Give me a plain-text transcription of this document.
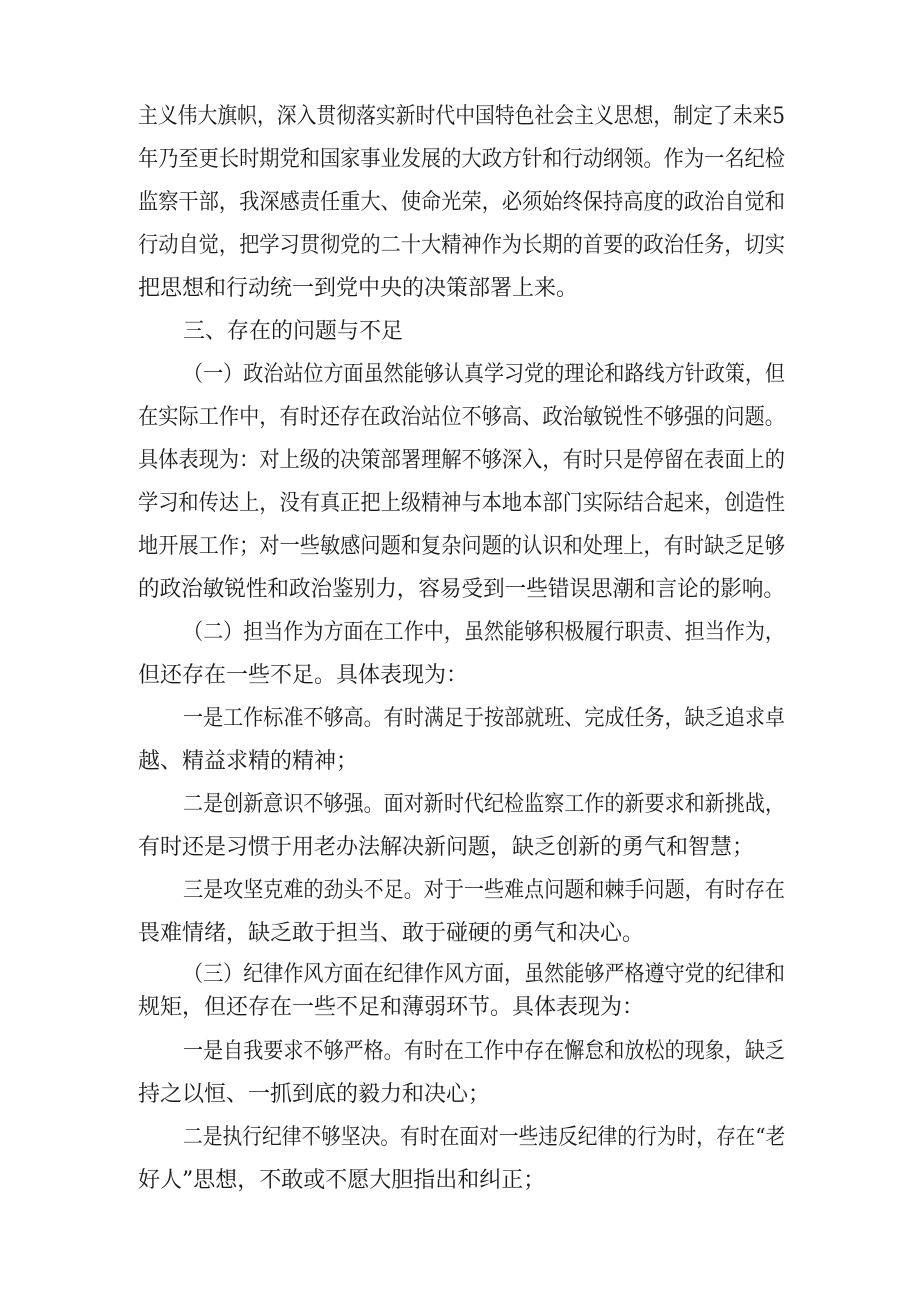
主义伟大旗帜，深入贯彻落实新时代中国特色社会主义思想，制定了未来5

年乃至更长时期党和国家事业发展的大政方针和行动纲领。作为一名纪检

监察干部，我深感责任重大、使命光荣，必须始终保持高度的政治自觉和

行动自觉，把学习贯彻党的二十大精神作为长期的首要的政治任务，切实

把思想和行动统一到党中央的决策部署上来。

三、存在的问题与不足

（一）政治站位方面虽然能够认真学习党的理论和路线方针政策，但

在实际工作中，有时还存在政治站位不够高、政治敏锐性不够强的问题。

具体表现为：对上级的决策部署理解不够深入，有时只是停留在表面上的

学习和传达上，没有真正把上级精神与本地本部门实际结合起来，创造性

地开展工作；对一些敏感问题和复杂问题的认识和处理上，有时缺乏足够

的政治敏锐性和政治鉴别力，容易受到一些错误思潮和言论的影响。

（二）担当作为方面在工作中，虽然能够积极履行职责、担当作为，

但还存在一些不足。具体表现为：

一是工作标准不够高。有时满足于按部就班、完成任务，缺乏追求卓

越、精益求精的精神；

二是创新意识不够强。面对新时代纪检监察工作的新要求和新挑战，

有时还是习惯于用老办法解决新问题，缺乏创新的勇气和智慧；

三是攻坚克难的劲头不足。对于一些难点问题和棘手问题，有时存在

畏难情绪，缺乏敢于担当、敢于碰硬的勇气和决心。

（三）纪律作风方面在纪律作风方面，虽然能够严格遵守党的纪律和

规矩，但还存在一些不足和薄弱环节。具体表现为：

一是自我要求不够严格。有时在工作中存在懈怠和放松的现象，缺乏

持之以恒、一抓到底的毅力和决心；

二是执行纪律不够坚决。有时在面对一些违反纪律的行为时，存在“老

好人”思想，不敢或不愿大胆指出和纠正；
